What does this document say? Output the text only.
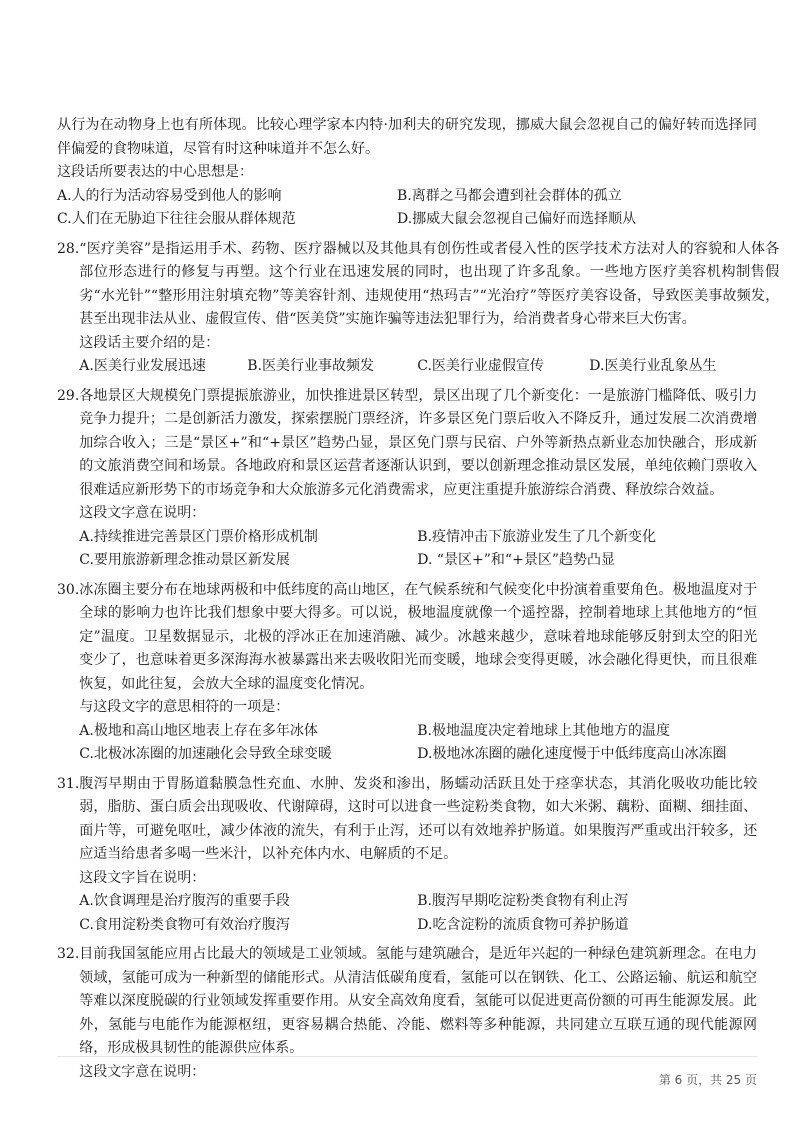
从行为在动物身上也有所体现。比较心理学家本内特·加利夫的研究发现，挪威大鼠会忽视自己的偏好转而选择同伴偏爱的食物味道，尽管有时这种味道并不怎么好。

这段话所要表达的中心思想是：

A.人的行为活动容易受到他人的影响	B.离群之马都会遭到社会群体的孤立
C.人们在无胁迫下往往会服从群体规范	D.挪威大鼠会忽视自己偏好而选择顺从
28. “医疗美容”是指运用手术、药物、医疗器械以及其他具有创伤性或者侵入性的医学技术方法对人的容貌和人体各部位形态进行的修复与再塑。这个行业在迅速发展的同时，也出现了许多乱象。一些地方医疗美容机构制售假劣“水光针”“整形用注射填充物”等美容针剂、违规使用“热玛吉”“光治疗”等医疗美容设备，导致医美事故频发，甚至出现非法从业、虚假宣传、借“医美贷”实施诈骗等违法犯罪行为，给消费者身心带来巨大伤害。

这段话主要介绍的是：

A.医美行业发展迅速	B.医美行业事故频发	C.医美行业虚假宣传	D.医美行业乱象丛生
29. 各地景区大规模免门票提振旅游业，加快推进景区转型，景区出现了几个新变化：一是旅游门槛降低、吸引力竞争力提升；二是创新活力激发，探索摆脱门票经济，许多景区免门票后收入不降反升，通过发展二次消费增加综合收入；三是“景区+”和“+景区”趋势凸显，景区免门票与民宿、户外等新热点新业态加快融合，形成新的文旅消费空间和场景。各地政府和景区运营者逐渐认识到，要以创新理念推动景区发展，单纯依赖门票收入很难适应新形势下的市场竞争和大众旅游多元化消费需求，应更注重提升旅游综合消费、释放综合效益。

这段文字意在说明：

A.持续推进完善景区门票价格形成机制	B.疫情冲击下旅游业发生了几个新变化
C.要用旅游新理念推动景区新发展	D. “景区+”和“+景区”趋势凸显
30. 冰冻圈主要分布在地球两极和中低纬度的高山地区，在气候系统和气候变化中扮演着重要角色。极地温度对于全球的影响力也许比我们想象中要大得多。可以说，极地温度就像一个遥控器，控制着地球上其他地方的“恒定”温度。卫星数据显示，北极的浮冰正在加速消融、减少。冰越来越少，意味着地球能够反射到太空的阳光变少了，也意味着更多深海海水被暴露出来去吸收阳光而变暖，地球会变得更暖，冰会融化得更快，而且很难恢复，如此往复，会放大全球的温度变化情况。

与这段文字的意思相符的一项是：

A.极地和高山地区地表上存在多年冰体	B.极地温度决定着地球上其他地方的温度
C.北极冰冻圈的加速融化会导致全球变暖	D.极地冰冻圈的融化速度慢于中低纬度高山冰冻圈
31. 腹泻早期由于胃肠道黏膜急性充血、水肿、发炎和渗出，肠蠕动活跃且处于痉挛状态，其消化吸收功能比较弱，脂肪、蛋白质会出现吸收、代谢障碍，这时可以进食一些淀粉类食物，如大米粥、藕粉、面糊、细挂面、面片等，可避免呕吐，减少体液的流失，有利于止泻，还可以有效地养护肠道。如果腹泻严重或出汗较多，还应适当给患者多喝一些米汁，以补充体内水、电解质的不足。

这段文字旨在说明：

A.饮食调理是治疗腹泻的重要手段	B.腹泻早期吃淀粉类食物有利止泻
C.食用淀粉类食物可有效治疗腹泻	D.吃含淀粉的流质食物可养护肠道
32. 目前我国氢能应用占比最大的领域是工业领域。氢能与建筑融合，是近年兴起的一种绿色建筑新理念。在电力领域，氢能可成为一种新型的储能形式。从清洁低碳角度看，氢能可以在钢铁、化工、公路运输、航运和航空等难以深度脱碳的行业领域发挥重要作用。从安全高效角度看，氢能可以促进更高份额的可再生能源发展。此外，氢能与电能作为能源枢纽，更容易耦合热能、冷能、燃料等多种能源，共同建立互联互通的现代能源网络，形成极具韧性的能源供应体系。

这段文字意在说明：

第 6 页，共 25 页
